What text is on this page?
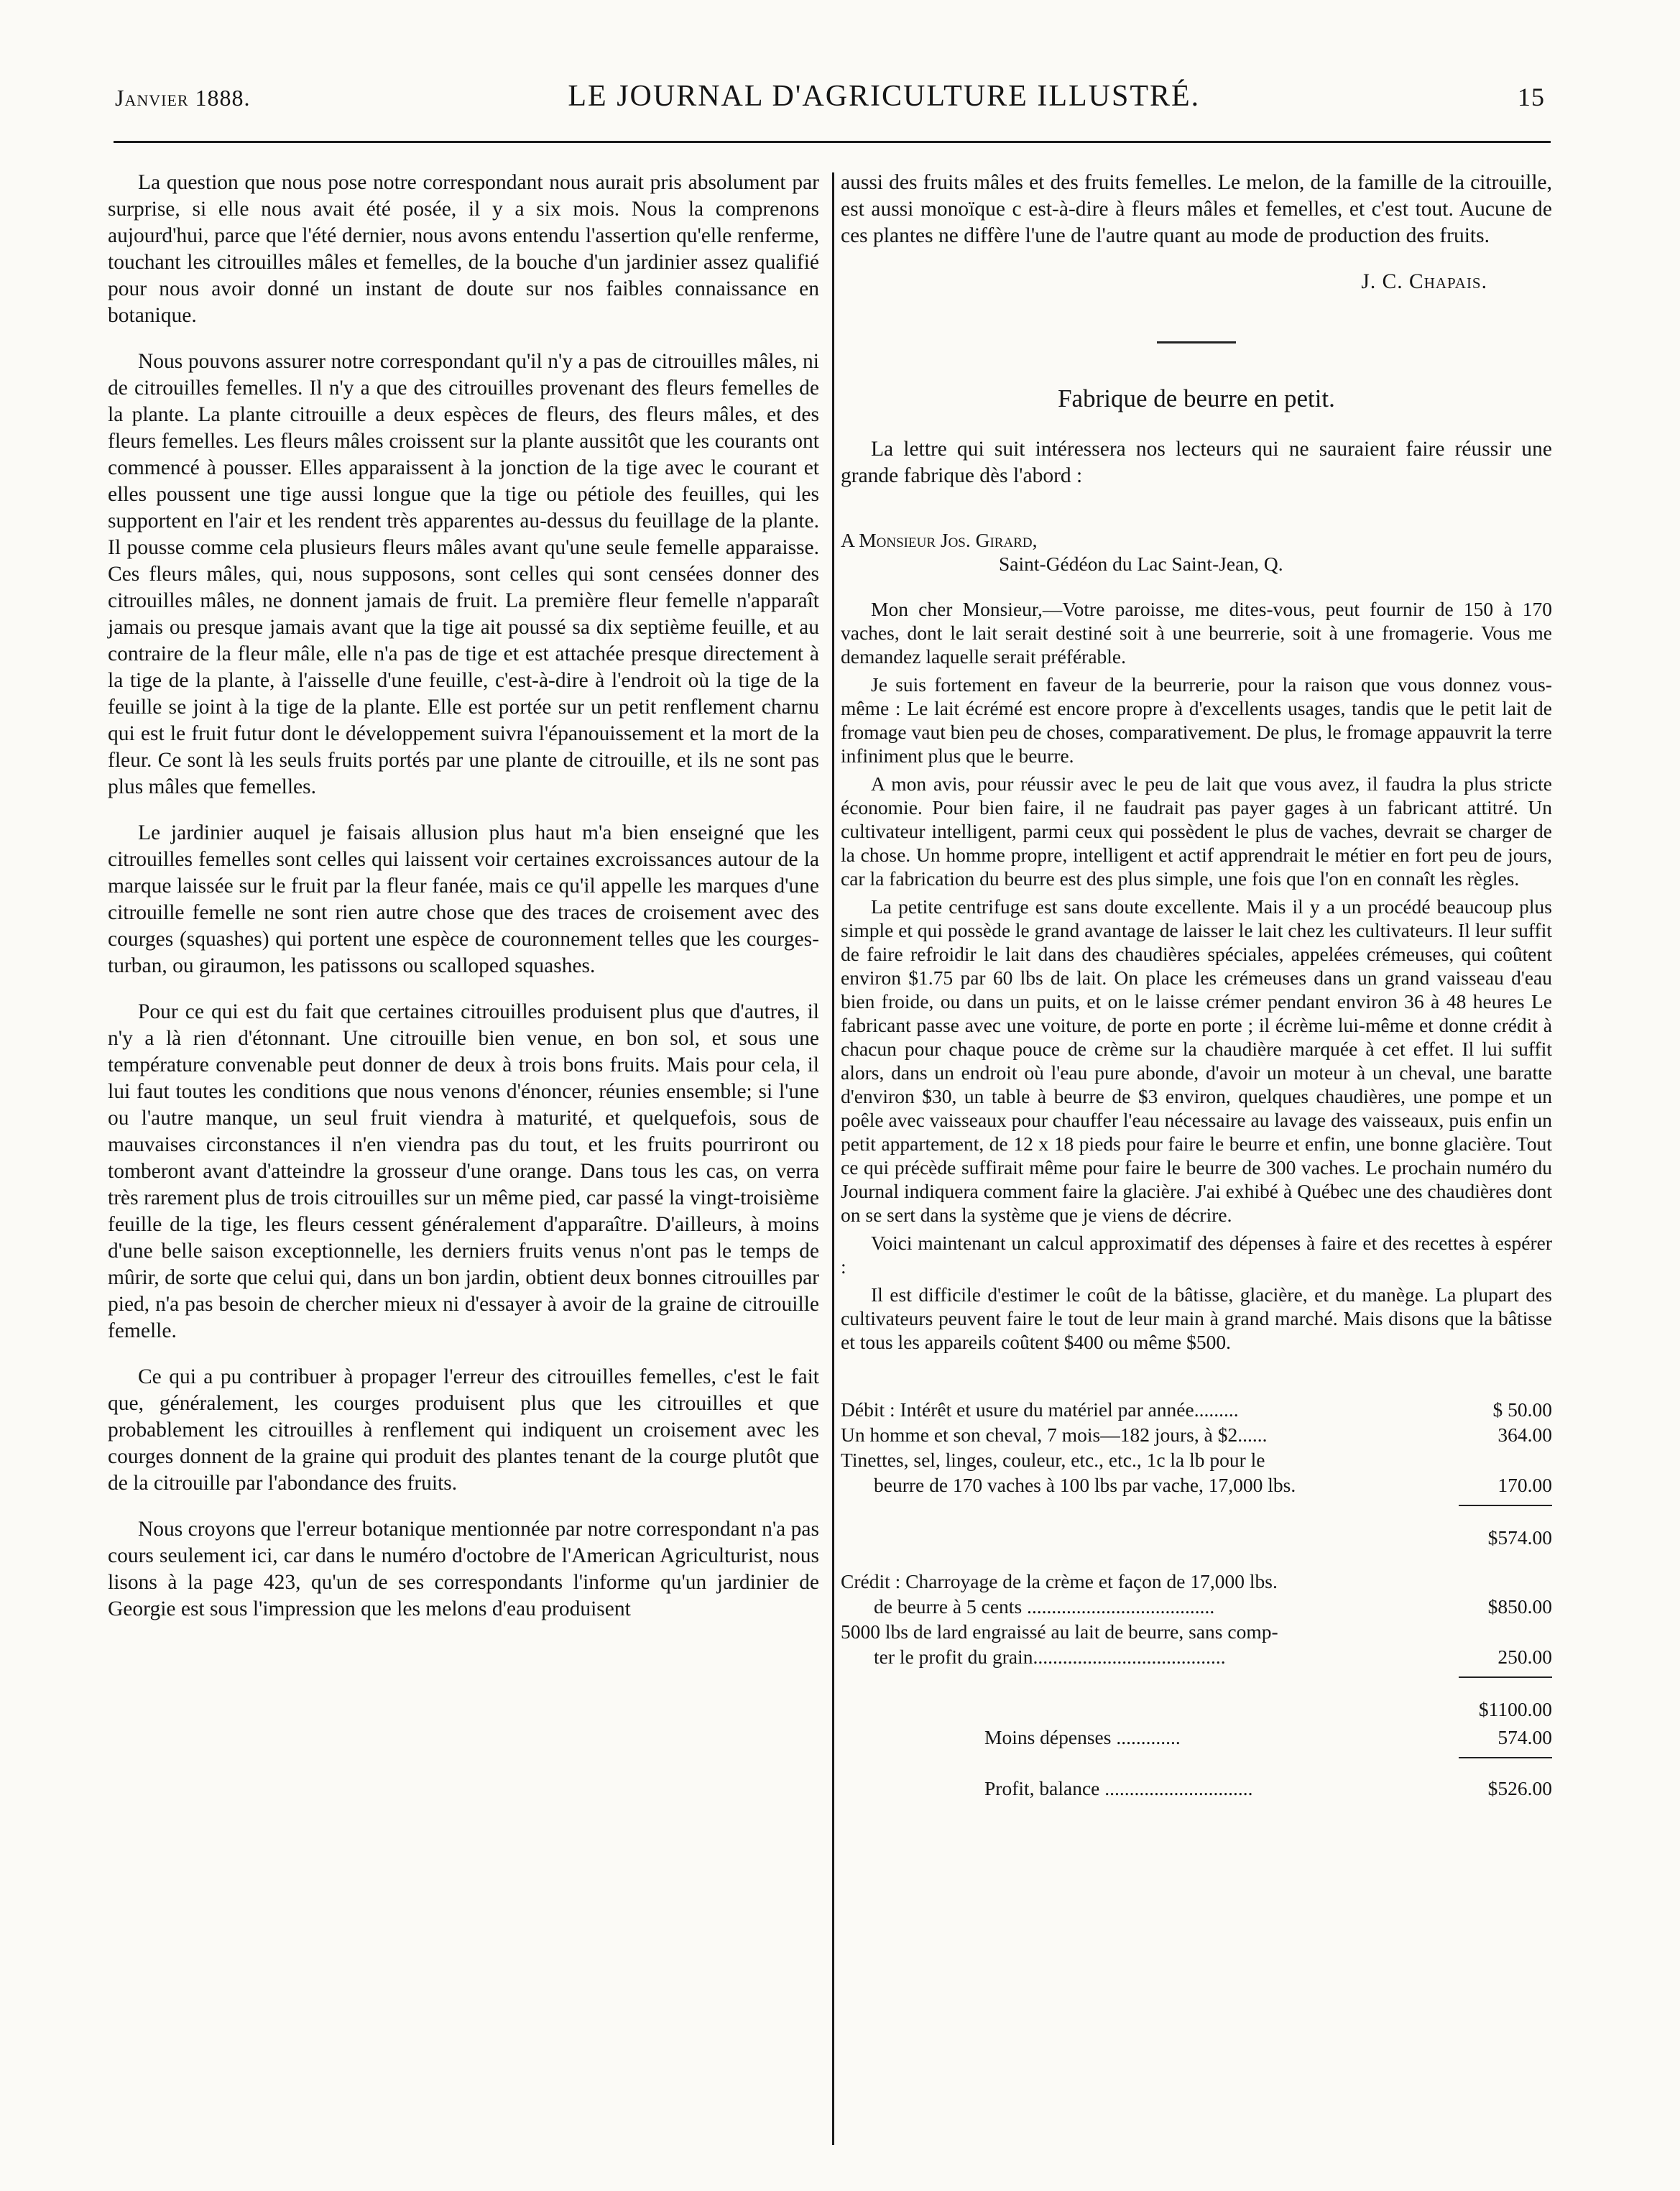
Janvier 1888.	LE JOURNAL D'AGRICULTURE ILLUSTRÉ.	15

La question que nous pose notre correspondant nous aurait pris absolument par surprise, si elle nous avait été posée, il y a six mois. Nous la comprenons aujourd'hui, parce que l'été dernier, nous avons entendu l'assertion qu'elle renferme, touchant les citrouilles mâles et femelles, de la bouche d'un jardinier assez qualifié pour nous avoir donné un instant de doute sur nos faibles connaissance en botanique.

Nous pouvons assurer notre correspondant qu'il n'y a pas de citrouilles mâles, ni de citrouilles femelles. Il n'y a que des citrouilles provenant des fleurs femelles de la plante. La plante citrouille a deux espèces de fleurs, des fleurs mâles, et des fleurs femelles. Les fleurs mâles croissent sur la plante aussitôt que les courants ont commencé à pousser. Elles apparaissent à la jonction de la tige avec le courant et elles poussent une tige aussi longue que la tige ou pétiole des feuilles, qui les supportent en l'air et les rendent très apparentes au-dessus du feuillage de la plante. Il pousse comme cela plusieurs fleurs mâles avant qu'une seule femelle apparaisse. Ces fleurs mâles, qui, nous supposons, sont celles qui sont censées donner des citrouilles mâles, ne donnent jamais de fruit. La première fleur femelle n'apparaît jamais ou presque jamais avant que la tige ait poussé sa dix septième feuille, et au contraire de la fleur mâle, elle n'a pas de tige et est attachée presque directement à la tige de la plante, à l'aisselle d'une feuille, c'est-à-dire à l'endroit où la tige de la feuille se joint à la tige de la plante. Elle est portée sur un petit renflement charnu qui est le fruit futur dont le développement suivra l'épanouissement et la mort de la fleur. Ce sont là les seuls fruits portés par une plante de citrouille, et ils ne sont pas plus mâles que femelles.

Le jardinier auquel je faisais allusion plus haut m'a bien enseigné que les citrouilles femelles sont celles qui laissent voir certaines excroissances autour de la marque laissée sur le fruit par la fleur fanée, mais ce qu'il appelle les marques d'une citrouille femelle ne sont rien autre chose que des traces de croisement avec des courges (squashes) qui portent une espèce de couronnement telles que les courges-turban, ou giraumon, les patissons ou scalloped squashes.

Pour ce qui est du fait que certaines citrouilles produisent plus que d'autres, il n'y a là rien d'étonnant. Une citrouille bien venue, en bon sol, et sous une température convenable peut donner de deux à trois bons fruits. Mais pour cela, il lui faut toutes les conditions que nous venons d'énoncer, réunies ensemble; si l'une ou l'autre manque, un seul fruit viendra à maturité, et quelquefois, sous de mauvaises circonstances il n'en viendra pas du tout, et les fruits pourriront ou tomberont avant d'atteindre la grosseur d'une orange. Dans tous les cas, on verra très rarement plus de trois citrouilles sur un même pied, car passé la vingt-troisième feuille de la tige, les fleurs cessent généralement d'apparaître. D'ailleurs, à moins d'une belle saison exceptionnelle, les derniers fruits venus n'ont pas le temps de mûrir, de sorte que celui qui, dans un bon jardin, obtient deux bonnes citrouilles par pied, n'a pas besoin de chercher mieux ni d'essayer à avoir de la graine de citrouille femelle.

Ce qui a pu contribuer à propager l'erreur des citrouilles femelles, c'est le fait que, généralement, les courges produisent plus que les citrouilles et que probablement les citrouilles à renflement qui indiquent un croisement avec les courges donnent de la graine qui produit des plantes tenant de la courge plutôt que de la citrouille par l'abondance des fruits.

Nous croyons que l'erreur botanique mentionnée par notre correspondant n'a pas cours seulement ici, car dans le numéro d'octobre de l'American Agriculturist, nous lisons à la page 423, qu'un de ses correspondants l'informe qu'un jardinier de Georgie est sous l'impression que les melons d'eau produisent

aussi des fruits mâles et des fruits femelles. Le melon, de la famille de la citrouille, est aussi monoïque c est-à-dire à fleurs mâles et femelles, et c'est tout. Aucune de ces plantes ne diffère l'une de l'autre quant au mode de production des fruits.

J. C. Chapais.
Fabrique de beurre en petit.

La lettre qui suit intéressera nos lecteurs qui ne sauraient faire réussir une grande fabrique dès l'abord :

A Monsieur Jos. Girard,

Saint-Gédéon du Lac Saint-Jean, Q.

Mon cher Monsieur,—Votre paroisse, me dites-vous, peut fournir de 150 à 170 vaches, dont le lait serait destiné soit à une beurrerie, soit à une fromagerie. Vous me demandez laquelle serait préférable.

Je suis fortement en faveur de la beurrerie, pour la raison que vous donnez vous-même : Le lait écrémé est encore propre à d'excellents usages, tandis que le petit lait de fromage vaut bien peu de choses, comparativement. De plus, le fromage appauvrit la terre infiniment plus que le beurre.

A mon avis, pour réussir avec le peu de lait que vous avez, il faudra la plus stricte économie. Pour bien faire, il ne faudrait pas payer gages à un fabricant attitré. Un cultivateur intelligent, parmi ceux qui possèdent le plus de vaches, devrait se charger de la chose. Un homme propre, intelligent et actif apprendrait le métier en fort peu de jours, car la fabrication du beurre est des plus simple, une fois que l'on en connaît les règles.

La petite centrifuge est sans doute excellente. Mais il y a un procédé beaucoup plus simple et qui possède le grand avantage de laisser le lait chez les cultivateurs. Il leur suffit de faire refroidir le lait dans des chaudières spéciales, appelées crémeuses, qui coûtent environ $1.75 par 60 lbs de lait. On place les crémeuses dans un grand vaisseau d'eau bien froide, ou dans un puits, et on le laisse crémer pendant environ 36 à 48 heures Le fabricant passe avec une voiture, de porte en porte ; il écrème lui-même et donne crédit à chacun pour chaque pouce de crème sur la chaudière marquée à cet effet. Il lui suffit alors, dans un endroit où l'eau pure abonde, d'avoir un moteur à un cheval, une baratte d'environ $30, un table à beurre de $3 environ, quelques chaudières, une pompe et un poêle avec vaisseaux pour chauffer l'eau nécessaire au lavage des vaisseaux, puis enfin un petit appartement, de 12 x 18 pieds pour faire le beurre et enfin, une bonne glacière. Tout ce qui précède suffirait même pour faire le beurre de 300 vaches. Le prochain numéro du Journal indiquera comment faire la glacière. J'ai exhibé à Québec une des chaudières dont on se sert dans la système que je viens de décrire.

Voici maintenant un calcul approximatif des dépenses à faire et des recettes à espérer :

Il est difficile d'estimer le coût de la bâtisse, glacière, et du manège. La plupart des cultivateurs peuvent faire le tout de leur main à grand marché. Mais disons que la bâtisse et tous les appareils coûtent $400 ou même $500.

Débit : Intérêt et usure du matériel par année.........	$ 50.00
Un homme et son cheval, 7 mois—182 jours, à $2......	364.00
Tinettes, sel, linges, couleur, etc., etc., 1c la lb pour le
beurre de 170 vaches à 100 lbs par vache, 17,000 lbs.	170.00
$574.00
Crédit : Charroyage de la crème et façon de 17,000 lbs.
de beurre à 5 cents ......................................	$850.00
5000 lbs de lard engraissé au lait de beurre, sans comp-
ter le profit du grain.......................................	250.00
$1100.00
Moins dépenses .............	574.00
Profit, balance ..............................	$526.00
